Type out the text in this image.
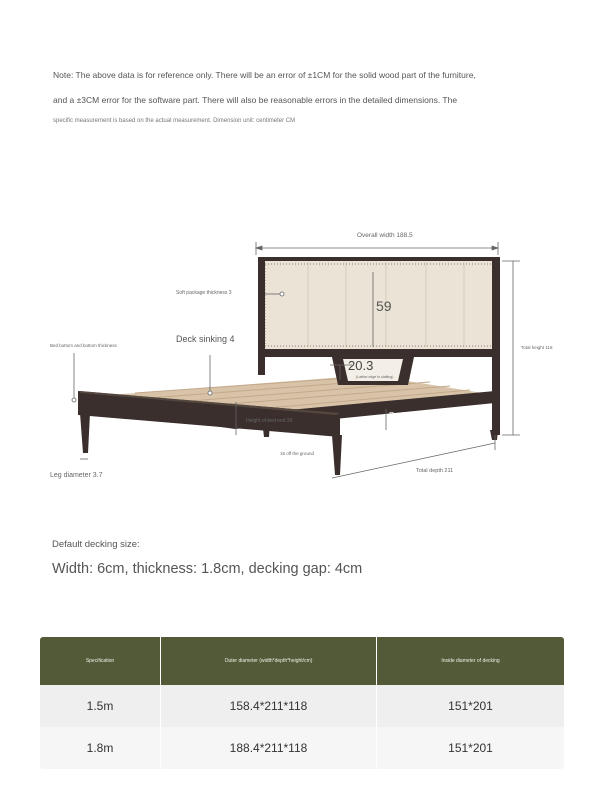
Note: The above data is for reference only. There will be an error of ±1CM for the solid wood part of the furniture,
and a ±3CM error for the software part. There will also be reasonable errors in the detailed dimensions. The
specific measurement is based on the actual measurement. Dimension unit: centimeter CM
Overall width 188.5
Soft package thickness 3
59
Deck sinking 4
Bed bottom and bottom thickness
20.3
(Lattice edge to slatting)
Total height 118
Height of bed end 20
Bed height 14
16 off the ground
Total depth 211
Leg diameter 3.7
Default decking size:
Width: 6cm, thickness: 1.8cm, decking gap: 4cm
Specification	Outer diameter (width*depth*height/cm)	Inside diameter of decking
1.5m	158.4*211*118	151*201
1.8m	188.4*211*118	151*201
